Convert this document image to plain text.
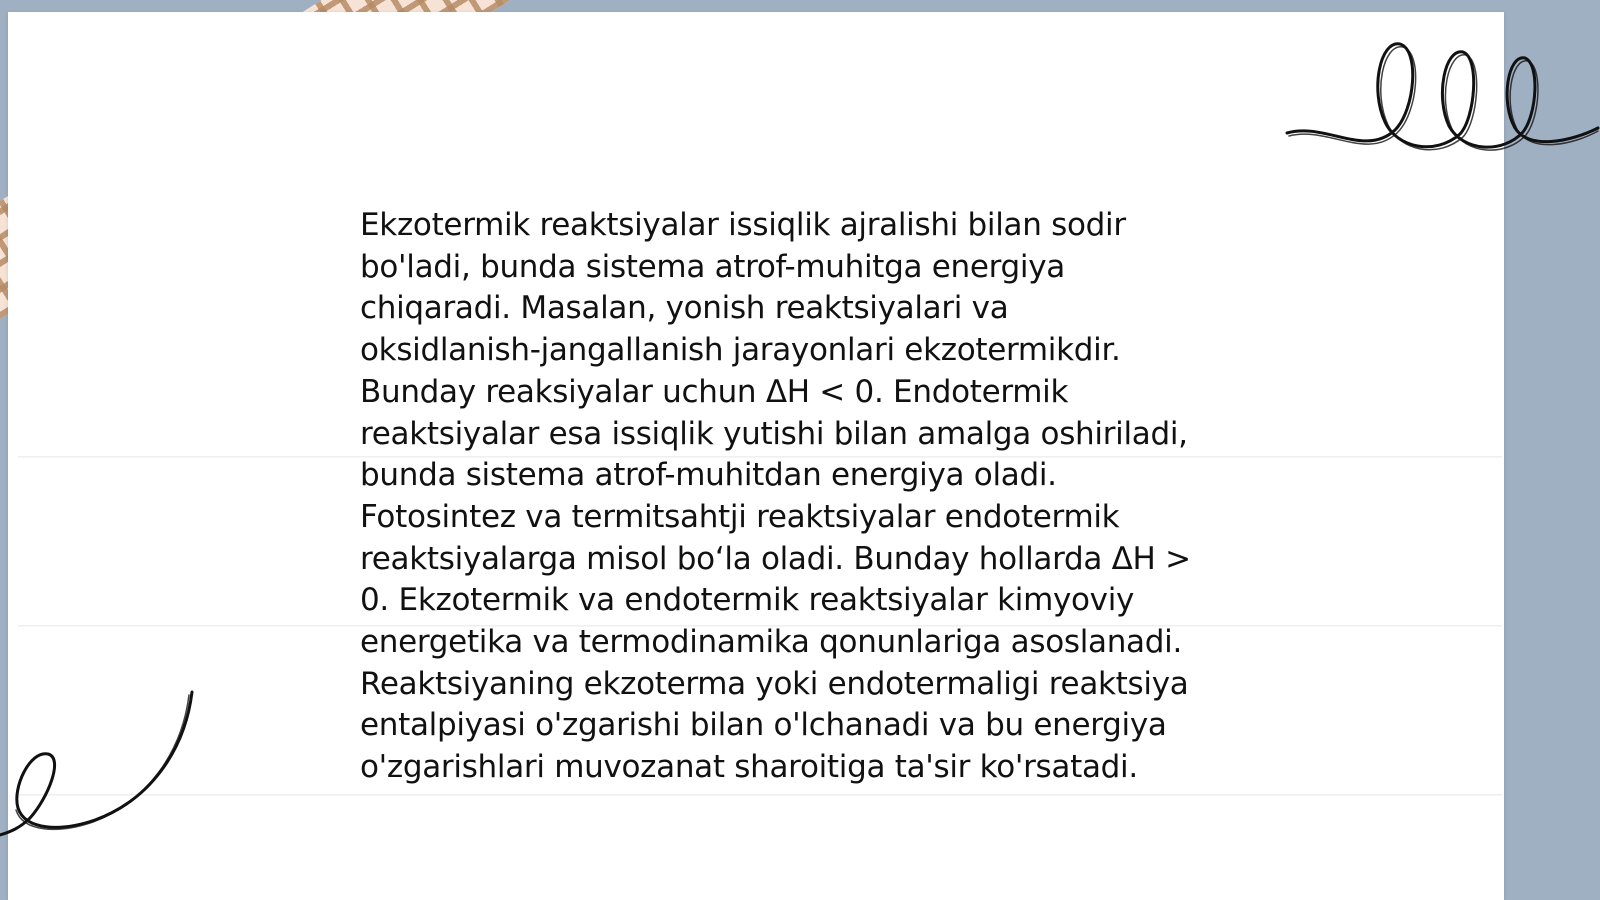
Ekzotermik reaktsiyalar issiqlik ajralishi bilan sodir
bo'ladi, bunda sistema atrof-muhitga energiya
chiqaradi. Masalan, yonish reaktsiyalari va
oksidlanish-jangallanish jarayonlari ekzotermikdir.
Bunday reaksiyalar uchun ΔH < 0. Endotermik
reaktsiyalar esa issiqlik yutishi bilan amalga oshiriladi,
bunda sistema atrof-muhitdan energiya oladi.
Fotosintez va termitsahtji reaktsiyalar endotermik
reaktsiyalarga misol bo‘la oladi. Bunday hollarda ΔH >
0. Ekzotermik va endotermik reaktsiyalar kimyoviy
energetika va termodinamika qonunlariga asoslanadi.
Reaktsiyaning ekzoterma yoki endotermaligi reaktsiya
entalpiyasi o'zgarishi bilan o'lchanadi va bu energiya
o'zgarishlari muvozanat sharoitiga ta'sir ko'rsatadi.
